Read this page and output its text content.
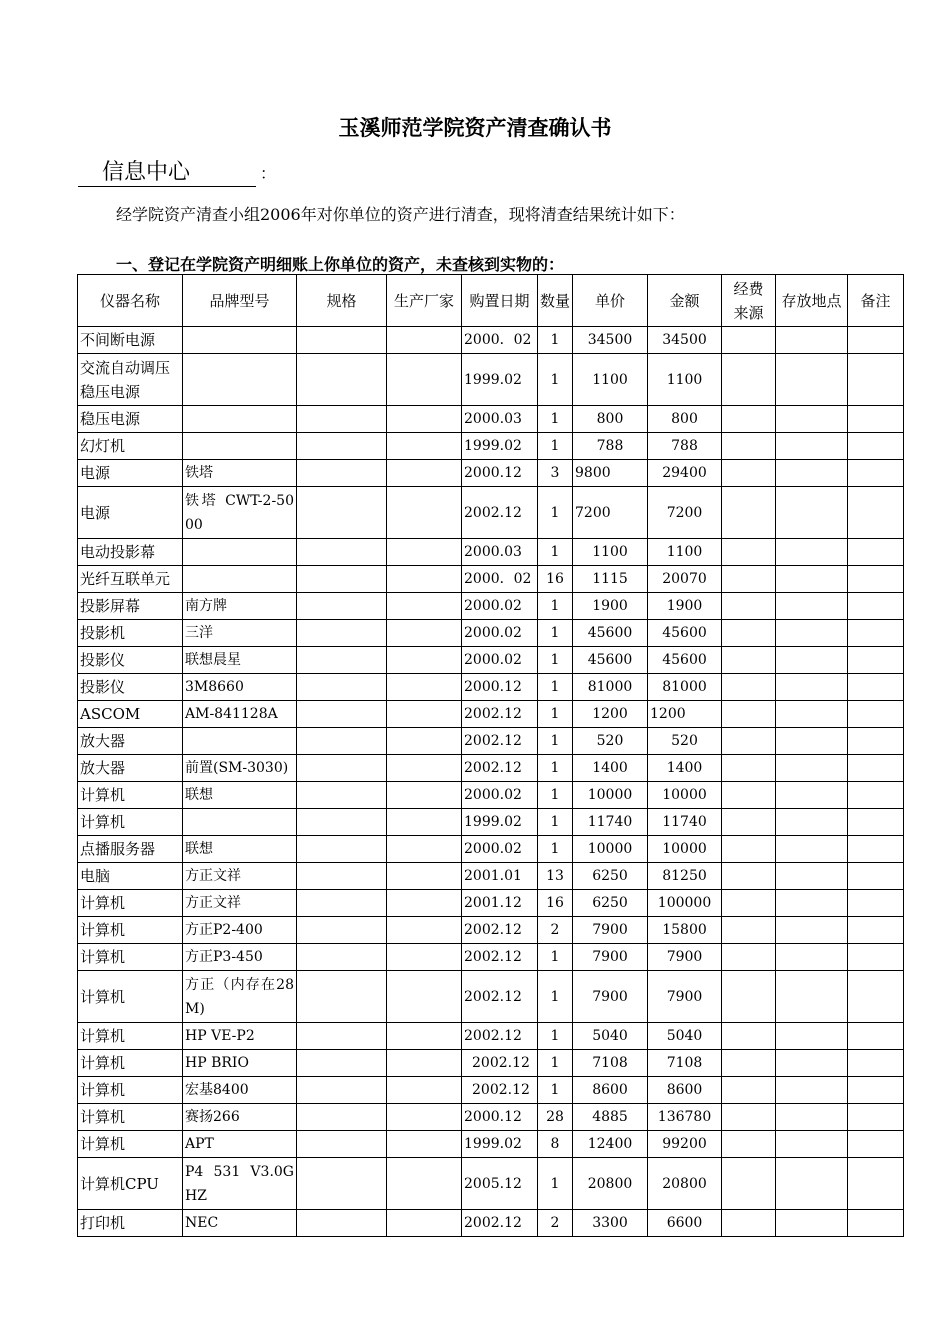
玉溪师范学院资产清查确认书
信息中心	：
经学院资产清查小组2006年对你单位的资产进行清查，现将清查结果统计如下：
一、登记在学院资产明细账上你单位的资产，未查核到实物的：
仪器名称	品牌型号	规格	生产厂家	购置日期	数量	单价	金额	经费来源	存放地点	备注
不间断电源				2000．02	1	34500	34500			
交流自动调压稳压电源				1999.02	1	1100	1100			
稳压电源				2000.03	1	800	800			
幻灯机				1999.02	1	788	788			
电源	铁塔			2000.12	3	9800	29400			
电源	铁塔 CWT-2-5000			2002.12	1	7200	7200			
电动投影幕				2000.03	1	1100	1100			
光纤互联单元				2000．02	16	1115	20070			
投影屏幕	南方牌			2000.02	1	1900	1900			
投影机	三洋			2000.02	1	45600	45600			
投影仪	联想晨星			2000.02	1	45600	45600			
投影仪	3M8660			2000.12	1	81000	81000			
ASCOM	AM-841128A			2002.12	1	1200	1200			
放大器				2002.12	1	520	520			
放大器	前置(SM-3030)			2002.12	1	1400	1400			
计算机	联想			2000.02	1	10000	10000			
计算机				1999.02	1	11740	11740			
点播服务器	联想			2000.02	1	10000	10000			
电脑	方正文祥			2001.01	13	6250	81250			
计算机	方正文祥			2001.12	16	6250	100000			
计算机	方正P2-400			2002.12	2	7900	15800			
计算机	方正P3-450			2002.12	1	7900	7900			
计算机	方正（内存在28M)			2002.12	1	7900	7900			
计算机	HP VE-P2			2002.12	1	5040	5040			
计算机	HP BRIO			2002.12	1	7108	7108			
计算机	宏基8400			2002.12	1	8600	8600			
计算机	赛扬266			2000.12	28	4885	136780			
计算机	APT			1999.02	8	12400	99200			
计算机CPU	P4 531 V3.0GHZ			2005.12	1	20800	20800			
打印机	NEC			2002.12	2	3300	6600			
